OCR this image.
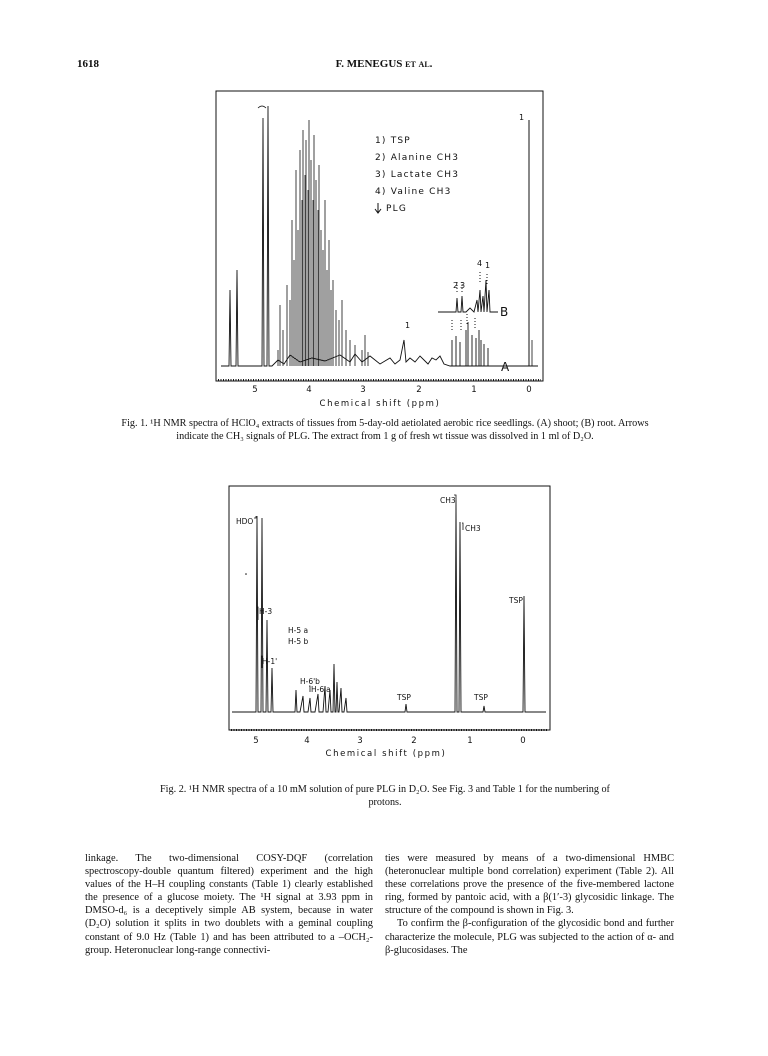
1618	F. MENEGUS et al.
1) TSP
2) Alanine CH3
3) Lactate CH3
4) Valine CH3
PLG
1
B
A
2 3
4 1
1
5	4	3	2	1	0
Chemical shift (ppm)
Fig. 1. ¹H NMR spectra of HClO₄ extracts of tissues from 5-day-old aetiolated aerobic rice seedlings. (A) shoot; (B) root. Arrows indicate the CH₃ signals of PLG. The extract from 1 g of fresh wt tissue was dissolved in 1 ml of D₂O.
HDO
H-3
H-5 a
H-5 b
H-1'
H-6'b
H-6'a
CH3
CH3
TSP
TSP	TSP
5	4	3	2	1	0
Chemical shift (ppm)
Fig. 2. ¹H NMR spectra of a 10 mM solution of pure PLG in D₂O. See Fig. 3 and Table 1 for the numbering of protons.

linkage. The two-dimensional COSY-DQF (correlation spectroscopy-double quantum filtered) experiment and the high values of the H–H coupling constants (Table 1) clearly established the presence of a glucose moiety. The ¹H signal at 3.93 ppm in DMSO-d₆ is a deceptively simple AB system, because in water (D₂O) solution it splits in two doublets with a geminal coupling constant of 9.0 Hz (Table 1) and has been attributed to a –OCH₂-group. Heteronuclear long-range connectivi-

ties were measured by means of a two-dimensional HMBC (heteronuclear multiple bond correlation) experiment (Table 2). All these correlations prove the presence of the five-membered lactone ring, formed by pantoic acid, with a β(1′-3) glycosidic linkage. The structure of the compound is shown in Fig. 3.

To confirm the β-configuration of the glycosidic bond and further characterize the molecule, PLG was subjected to the action of α- and β-glucosidases. The
